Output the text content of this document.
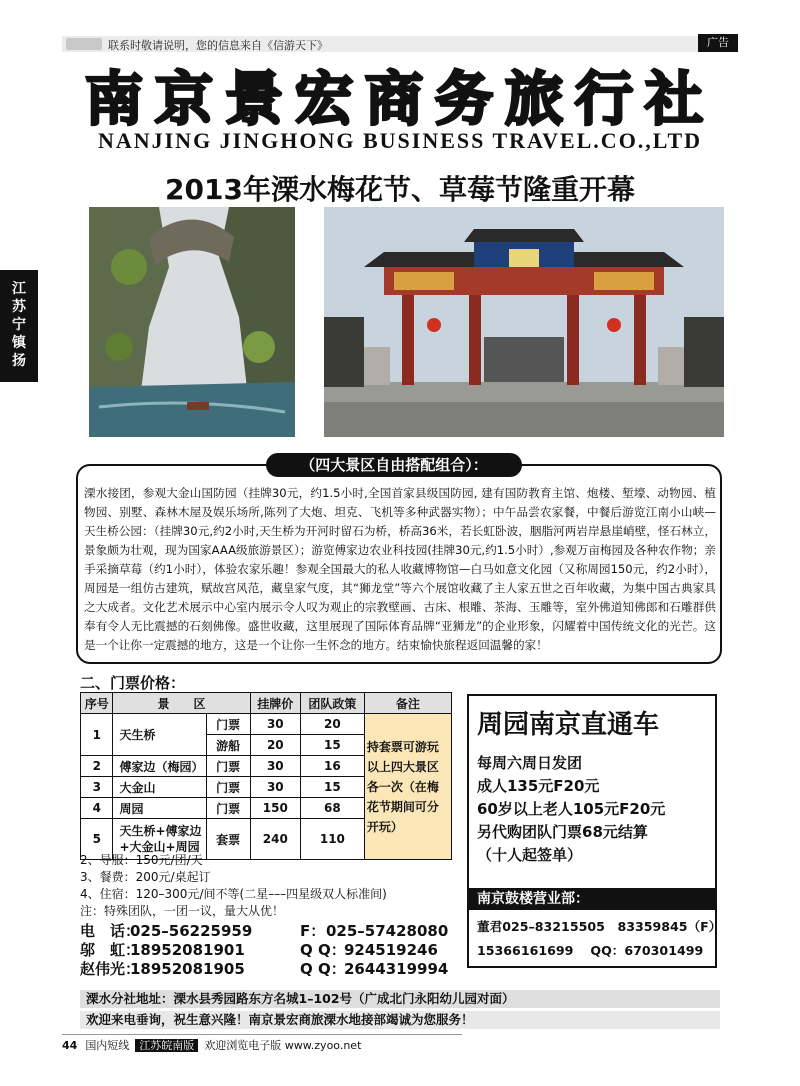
联系时敬请说明，您的信息来自《信游天下》	广告
江苏宁镇扬
南京景宏商务旅行社
NANJING JINGHONG BUSINESS TRAVEL.CO.,LTD
2013年溧水梅花节、草莓节隆重开幕
（四大景区自由搭配组合）：
溧水接团，参观大金山国防园（挂牌30元，约1.5小时,全国首家县级国防园, 建有国防教育主馆、炮楼、堑壕、动物园、植物园、别墅、森林木屋及娱乐场所,陈列了大炮、坦克、飞机等多种武器实物）；中午品尝农家餐，中餐后游览江南小山峡—天生桥公园：（挂牌30元,约2小时,天生桥为开河时留石为桥，桥高36米，若长虹卧波，胭脂河两岩岸悬崖峭壁，怪石林立，景象颇为壮观，现为国家AAA级旅游景区）；游览傅家边农业科技园(挂牌30元,约1.5小时）,参观万亩梅园及各种农作物；亲手采摘草莓（约1小时），体验农家乐趣！参观全国最大的私人收藏博物馆—白马如意文化园（又称周园150元，约2小时），周园是一组仿古建筑，赋故宫风范，藏皇家气度，其“狮龙堂”等六个展馆收藏了主人家五世之百年收藏，为集中国古典家具之大成者。文化艺术展示中心室内展示令人叹为观止的宗教壁画、古床、根雕、茶海、玉雕等，室外佛道知佛郎和石雕群供奉有令人无比震撼的石刻佛像。盛世收藏，这里展现了国际体育品牌“亚狮龙”的企业形象，闪耀着中国传统文化的光芒。这是一个让你一定震撼的地方，这是一个让你一生怀念的地方。结束愉快旅程返回温馨的家！
二、门票价格：
序号	景　　区		挂牌价	团队政策	备注
1	天生桥	门票	30	20	持套票可游玩以上四大景区各一次（在梅花节期间可分开玩）
		游船	20	15	
2	傅家边（梅园）	门票	30	16	
3	大金山	门票	30	15	
4	周园	门票	150	68	
5	天生桥+傅家边+大金山+周园	套票	240	110	
2、导服：150元/团/天
3、餐费：200元/桌起订
4、住宿：120–300元/间不等(二星–––四星级双人标准间)
注：特殊团队，一团一议，量大从优！
电　话：025–56225959	F：025–57428080
邬　虹：18952081901	Q Q：924519246
赵伟光：18952081905	Q Q：2644319994
周园南京直通车
每周六周日发团
成人135元F20元
60岁以上老人105元F20元
另代购团队门票68元结算
（十人起签单）
南京鼓楼营业部：
董君025–83215505　83359845（F）
15366161699　 QQ：670301499
溧水分社地址：溧水县秀园路东方名城1–102号（广成北门永阳幼儿园对面）
欢迎来电垂询，祝生意兴隆！南京景宏商旅溧水地接部竭诚为您服务！
44 国内短线 江苏皖南版 欢迎浏览电子版 www.zyoo.net
